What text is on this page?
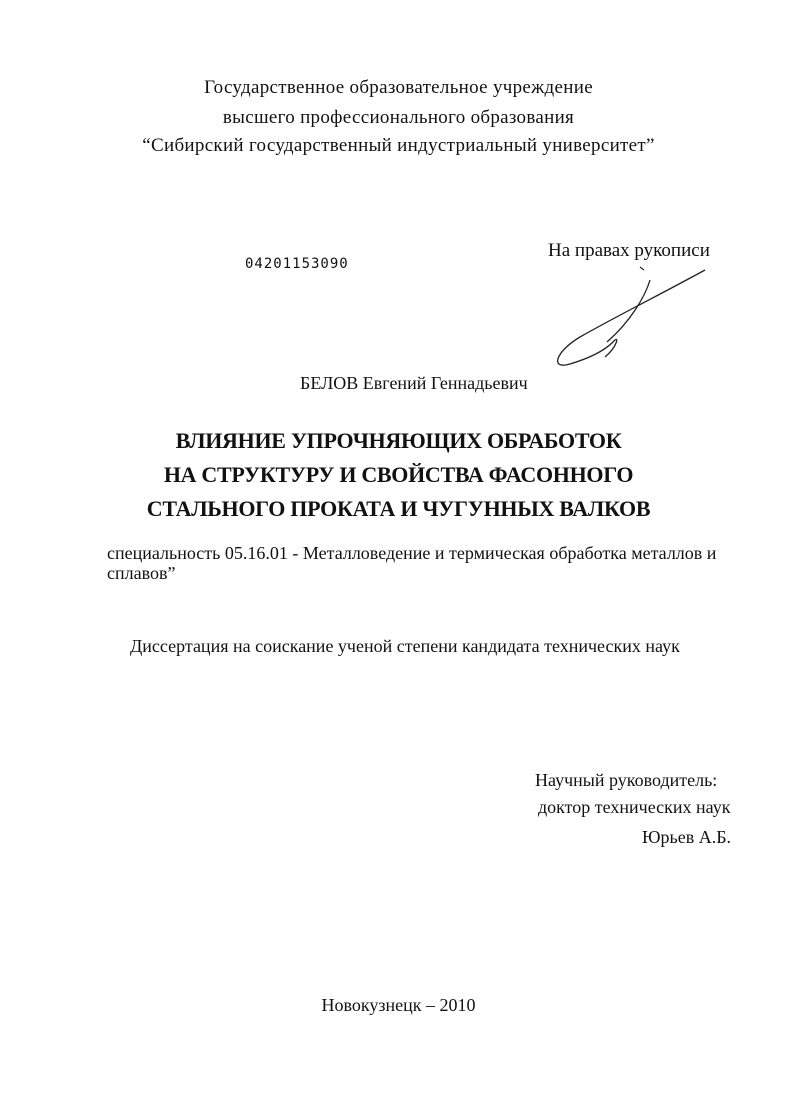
Государственное образовательное учреждение
высшего профессионального образования
“Сибирский государственный индустриальный университет”
04201153090
На правах рукописи
БЕЛОВ Евгений Геннадьевич
ВЛИЯНИЕ УПРОЧНЯЮЩИХ ОБРАБОТОК
НА СТРУКТУРУ И СВОЙСТВА ФАСОННОГО
СТАЛЬНОГО ПРОКАТА И ЧУГУННЫХ ВАЛКОВ
специальность 05.16.01 - Металловедение и термическая обработка металлов и сплавов”
Диссертация на соискание ученой степени кандидата технических наук
Научный руководитель:
доктор технических наук
Юрьев А.Б.
Новокузнецк – 2010
